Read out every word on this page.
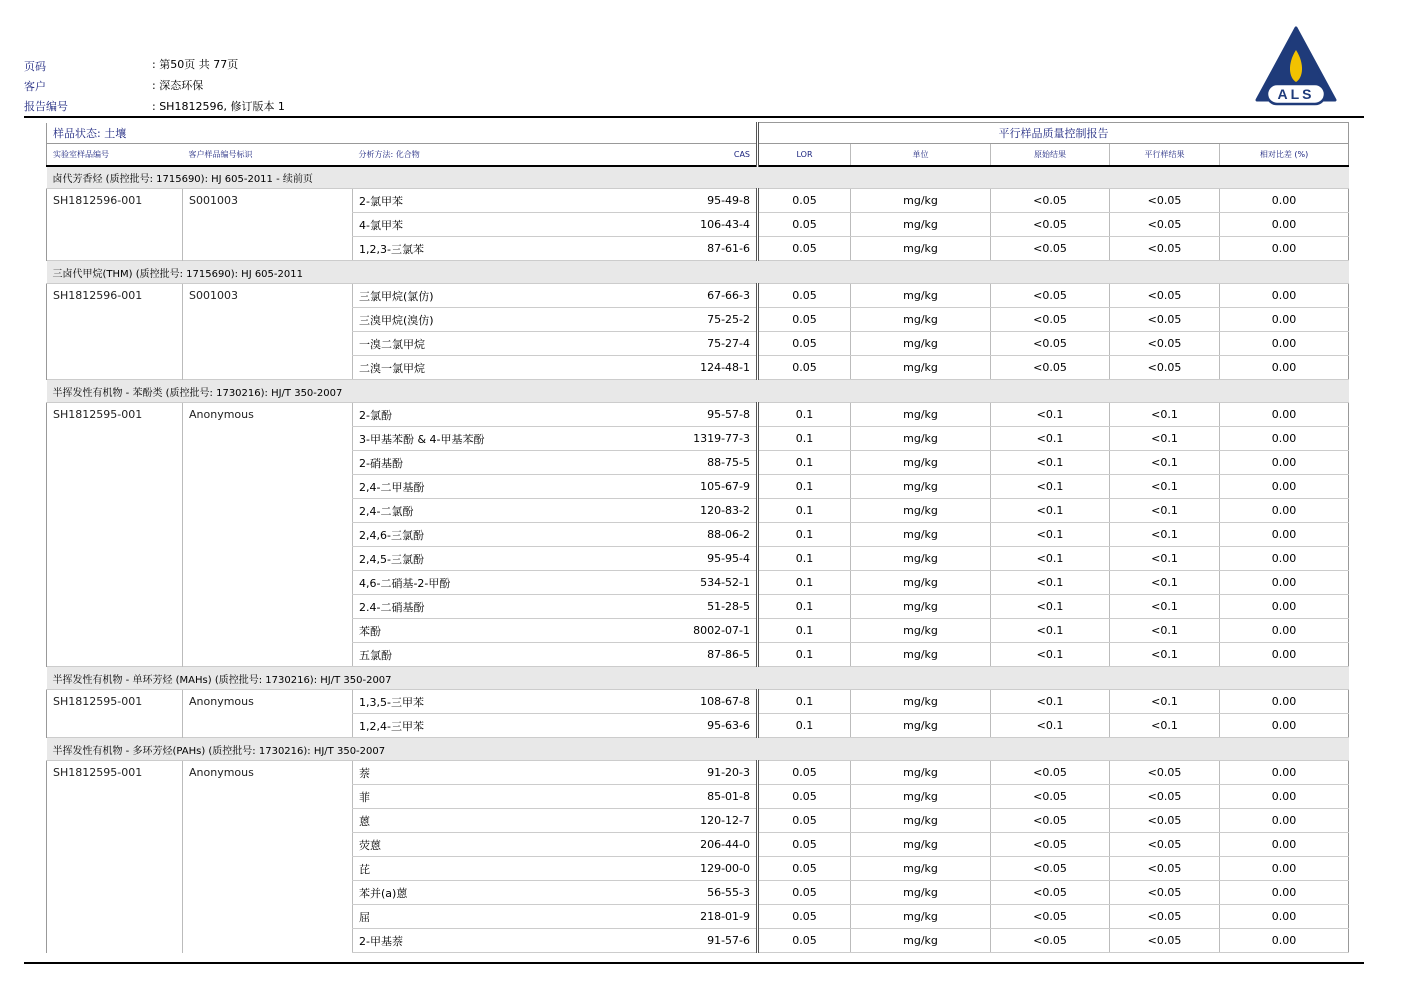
页码	: 第50页 共 77页
客户	: 深态环保
报告编号	: SH1812596, 修订版本 1
ALS
样品状态: 土壤				平行样品质量控制报告				
实验室样品编号	客户样品编号标识	分析方法: 化合物	CAS	LOR	单位	原始结果	平行样结果	相对比差 (%)
卤代芳香烃 (质控批号: 1715690): HJ 605-2011 - 续前页								
SH1812596-001	S001003	2-氯甲苯	95-49-8	0.05	mg/kg	<0.05	<0.05	0.00
		4-氯甲苯	106-43-4	0.05	mg/kg	<0.05	<0.05	0.00
		1,2,3-三氯苯	87-61-6	0.05	mg/kg	<0.05	<0.05	0.00
三卤代甲烷(THM) (质控批号: 1715690): HJ 605-2011								
SH1812596-001	S001003	三氯甲烷(氯仿)	67-66-3	0.05	mg/kg	<0.05	<0.05	0.00
		三溴甲烷(溴仿)	75-25-2	0.05	mg/kg	<0.05	<0.05	0.00
		一溴二氯甲烷	75-27-4	0.05	mg/kg	<0.05	<0.05	0.00
		二溴一氯甲烷	124-48-1	0.05	mg/kg	<0.05	<0.05	0.00
半挥发性有机物 - 苯酚类 (质控批号: 1730216): HJ/T 350-2007								
SH1812595-001	Anonymous	2-氯酚	95-57-8	0.1	mg/kg	<0.1	<0.1	0.00
		3-甲基苯酚 & 4-甲基苯酚	1319-77-3	0.1	mg/kg	<0.1	<0.1	0.00
		2-硝基酚	88-75-5	0.1	mg/kg	<0.1	<0.1	0.00
		2,4-二甲基酚	105-67-9	0.1	mg/kg	<0.1	<0.1	0.00
		2,4-二氯酚	120-83-2	0.1	mg/kg	<0.1	<0.1	0.00
		2,4,6-三氯酚	88-06-2	0.1	mg/kg	<0.1	<0.1	0.00
		2,4,5-三氯酚	95-95-4	0.1	mg/kg	<0.1	<0.1	0.00
		4,6-二硝基-2-甲酚	534-52-1	0.1	mg/kg	<0.1	<0.1	0.00
		2.4-二硝基酚	51-28-5	0.1	mg/kg	<0.1	<0.1	0.00
		苯酚	8002-07-1	0.1	mg/kg	<0.1	<0.1	0.00
		五氯酚	87-86-5	0.1	mg/kg	<0.1	<0.1	0.00
半挥发性有机物 - 单环芳烃 (MAHs) (质控批号: 1730216): HJ/T 350-2007								
SH1812595-001	Anonymous	1,3,5-三甲苯	108-67-8	0.1	mg/kg	<0.1	<0.1	0.00
		1,2,4-三甲苯	95-63-6	0.1	mg/kg	<0.1	<0.1	0.00
半挥发性有机物 - 多环芳烃(PAHs) (质控批号: 1730216): HJ/T 350-2007								
SH1812595-001	Anonymous	萘	91-20-3	0.05	mg/kg	<0.05	<0.05	0.00
		菲	85-01-8	0.05	mg/kg	<0.05	<0.05	0.00
		蒽	120-12-7	0.05	mg/kg	<0.05	<0.05	0.00
		荧蒽	206-44-0	0.05	mg/kg	<0.05	<0.05	0.00
		芘	129-00-0	0.05	mg/kg	<0.05	<0.05	0.00
		苯并(a)蒽	56-55-3	0.05	mg/kg	<0.05	<0.05	0.00
		屈	218-01-9	0.05	mg/kg	<0.05	<0.05	0.00
		2-甲基萘	91-57-6	0.05	mg/kg	<0.05	<0.05	0.00
